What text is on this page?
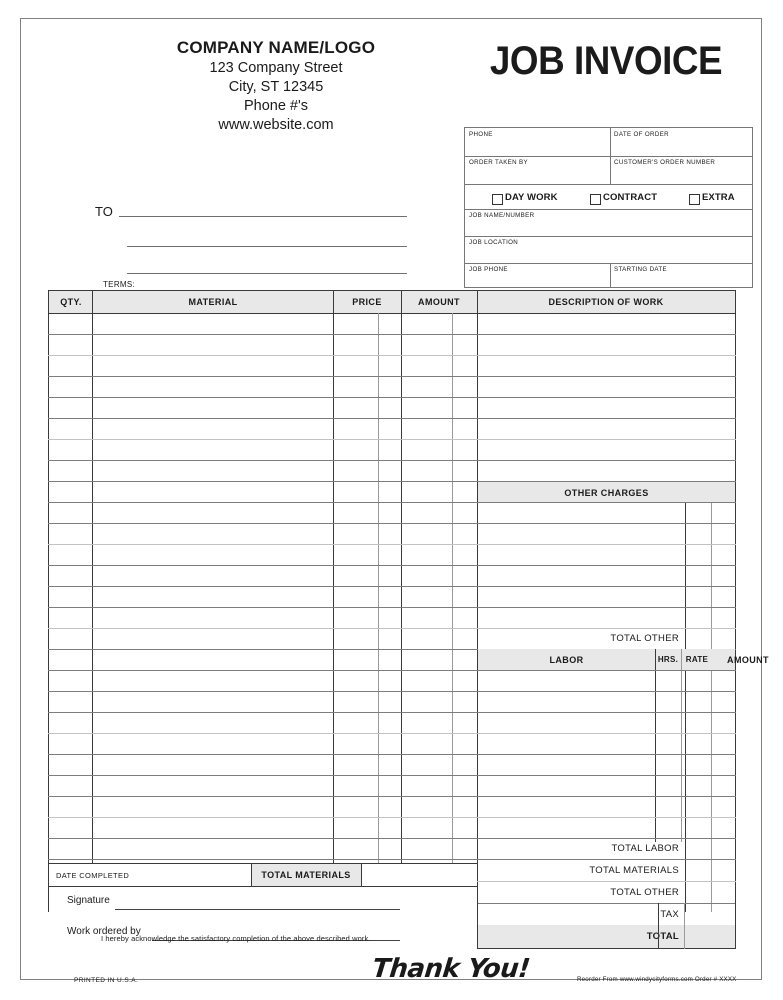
COMPANY NAME/LOGO
123 Company Street
City, ST 12345
Phone #'s
www.website.com
JOB INVOICE
TO
TERMS:
PHONE	DATE OF ORDER
ORDER TAKEN BY	CUSTOMER'S ORDER NUMBER
DAY WORK	CONTRACT	EXTRA
JOB NAME/NUMBER
JOB LOCATION
JOB PHONE	STARTING DATE
QTY.	MATERIAL	PRICE	AMOUNT	DESCRIPTION OF WORK
OTHER CHARGES
TOTAL OTHER
LABOR	HRS. RATE	AMOUNT
TOTAL LABOR
DATE COMPLETED	TOTAL MATERIALS	TOTAL MATERIALS
TOTAL OTHER
TAX
TOTAL
Signature
Work ordered by
I hereby acknowledge the satisfactory completion of the above described work.
PRINTED IN U.S.A.	Thank You!	Reorder From www.windycityforms.com Order # XXXX
